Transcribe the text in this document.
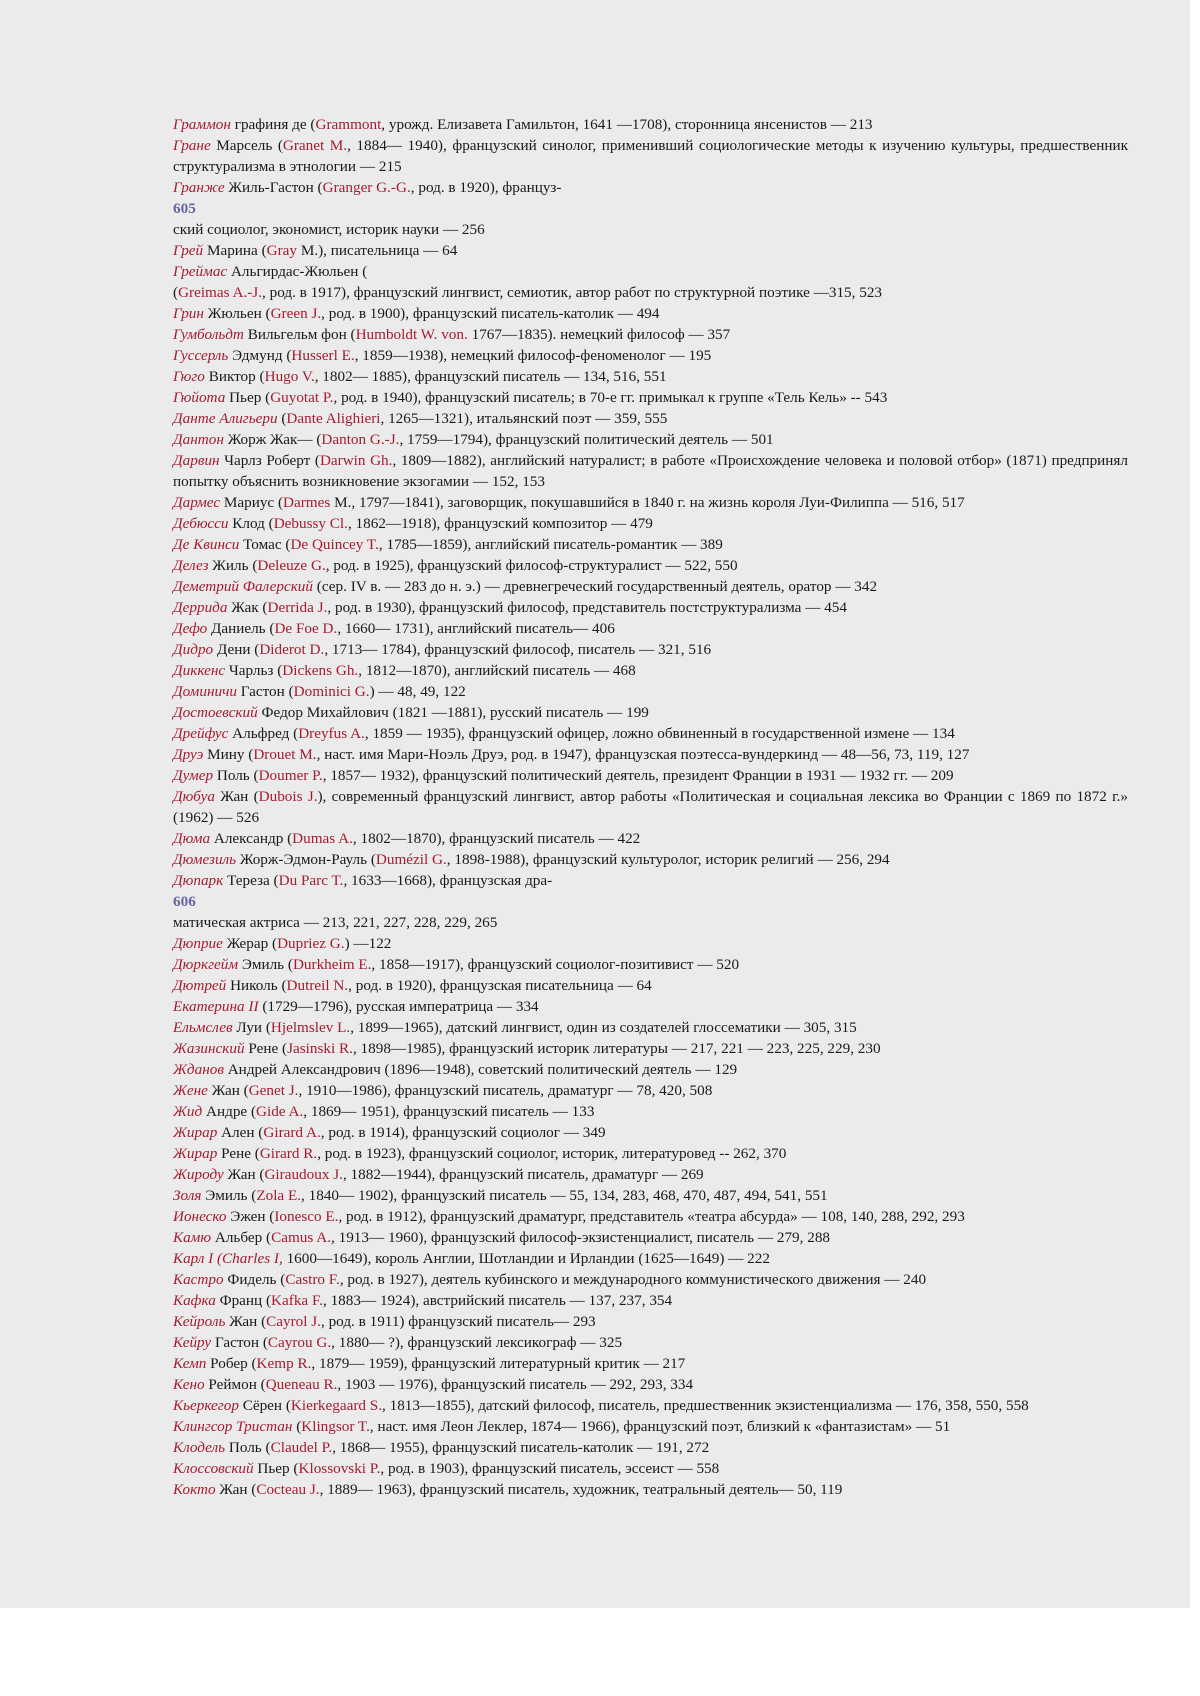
Граммон графиня де (Grammont, урожд. Елизавета Гамильтон, 1641 —1708), сторонница янсенистов — 213
Гране Марсель (Granet M., 1884— 1940), французский синолог, применивший социологические методы к изучению культуры, предшественник структурализма в этнологии — 215
Гранже Жиль-Гастон (Granger G.-G., род. в 1920), француз-
605
ский социолог, экономист, историк науки — 256
Грей Марина (Gray M.), писательница — 64
Греймас Альгирдас-Жюльен (
(Greimas A.-J., род. в 1917), французский лингвист, семиотик, автор работ по структурной поэтике —315, 523
Грин Жюльен (Green J., род. в 1900), французский писатель-католик — 494
Гумбольдт Вильгельм фон (Humboldt W. von. 1767—1835). немецкий философ — 357
Гуссерль Эдмунд (Husserl E., 1859—1938), немецкий философ-феноменолог — 195
Гюго Виктор (Hugo V., 1802— 1885), французский писатель — 134, 516, 551
Гюйота Пьер (Guyotat P., род. в 1940), французский писатель; в 70-е гг. примыкал к группе «Тель Кель» -- 543
Данте Алигьери (Dante Alighieri, 1265—1321), итальянский поэт — 359, 555
Дантон Жорж Жак— (Danton G.-J., 1759—1794), французский политический деятель — 501
Дарвин Чарлз Роберт (Darwin Gh., 1809—1882), английский натуралист; в работе «Происхождение человека и половой отбор» (1871) предпринял попытку объяснить возникновение экзогамии — 152, 153
Дармес Мариус (Darmes M., 1797—1841), заговорщик, покушавшийся в 1840 г. на жизнь короля Луи-Филиппа — 516, 517
Дебюсси Клод (Debussy Cl., 1862—1918), французский композитор — 479
Де Квинси Томас (De Quincey T., 1785—1859), английский писатель-романтик — 389
Делез Жиль (Deleuze G., род. в 1925), французский философ-структуралист — 522, 550
Деметрий Фалерский (сер. IV в. — 283 до н. э.) — древнегреческий государственный деятель, оратор — 342
Деррида Жак (Derrida J., род. в 1930), французский философ, представитель постструктурализма — 454
Дефо Даниель (De Foe D., 1660— 1731), английский писатель— 406
Дидро Дени (Diderot D., 1713— 1784), французский философ, писатель — 321, 516
Диккенс Чарльз (Dickens Gh., 1812—1870), английский писатель — 468
Доминичи Гастон (Dominici G.) — 48, 49, 122
Достоевский Федор Михайлович (1821 —1881), русский писатель — 199
Дрейфус Альфред (Dreyfus A., 1859 — 1935), французский офицер, ложно обвиненный в государственной измене — 134
Друэ Мину (Drouet M., наст. имя Мари-Ноэль Друэ, род. в 1947), французская поэтесса-вундеркинд — 48—56, 73, 119, 127
Думер Поль (Doumer P., 1857— 1932), французский политический деятель, президент Франции в 1931 — 1932 гг. — 209
Дюбуа Жан (Dubois J.), современный французский лингвист, автор работы «Политическая и социальная лексика во Франции с 1869 по 1872 г.» (1962) — 526
Дюма Александр (Dumas A., 1802—1870), французский писатель — 422
Дюмезиль Жорж-Эдмон-Рауль (Dumézil G., 1898-1988), французский культуролог, историк религий — 256, 294
Дюпарк Тереза (Du Parc T., 1633—1668), французская дра-
606
матическая актриса — 213, 221, 227, 228, 229, 265
Дюприе Жерар (Dupriez G.) —122
Дюркгейм Эмиль (Durkheim E., 1858—1917), французский социолог-позитивист — 520
Дютрей Николь (Dutreil N., род. в 1920), французская писательница — 64
Екатерина II (1729—1796), русская императрица — 334
Ельмслев Луи (Hjelmslev L., 1899—1965), датский лингвист, один из создателей глоссематики — 305, 315
Жазинский Рене (Jasinski R., 1898—1985), французский историк литературы — 217, 221 — 223, 225, 229, 230
Жданов Андрей Александрович (1896—1948), советский политический деятель — 129
Жене Жан (Genet J., 1910—1986), французский писатель, драматург — 78, 420, 508
Жид Андре (Gide A., 1869— 1951), французский писатель — 133
Жирар Ален (Girard A., род. в 1914), французский социолог — 349
Жирар Рене (Girard R., род. в 1923), французский социолог, историк, литературовед -- 262, 370
Жироду Жан (Giraudoux J., 1882—1944), французский писатель, драматург — 269
Золя Эмиль (Zola E., 1840— 1902), французский писатель — 55, 134, 283, 468, 470, 487, 494, 541, 551
Ионеско Эжен (Ionesco E., род. в 1912), французский драматург, представитель «театра абсурда» — 108, 140, 288, 292, 293
Камю Альбер (Camus A., 1913— 1960), французский философ-экзистенциалист, писатель — 279, 288
Карл I (Charles I, 1600—1649), король Англии, Шотландии и Ирландии (1625—1649) — 222
Кастро Фидель (Castro F., род. в 1927), деятель кубинского и международного коммунистического движения — 240
Кафка Франц (Kafka F., 1883— 1924), австрийский писатель — 137, 237, 354
Кейроль Жан (Cayrol J., род. в 1911) французский писатель— 293
Кейру Гастон (Cayrou G., 1880— ?), французский лексикограф — 325
Кемп Робер (Kemp R., 1879— 1959), французский литературный критик — 217
Кено Реймон (Queneau R., 1903 — 1976), французский писатель — 292, 293, 334
Кьеркегор Сёрен (Kierkegaard S., 1813—1855), датский философ, писатель, предшественник экзистенциализма — 176, 358, 550, 558
Клингсор Тристан (Klingsor T., наст. имя Леон Леклер, 1874— 1966), французский поэт, близкий к «фантазистам» — 51
Клодель Поль (Claudel P., 1868— 1955), французский писатель-католик — 191, 272
Клоссовский Пьер (Klossovski P., род. в 1903), французский писатель, эссеист — 558
Кокто Жан (Cocteau J., 1889— 1963), французский писатель, художник, театральный деятель— 50, 119
